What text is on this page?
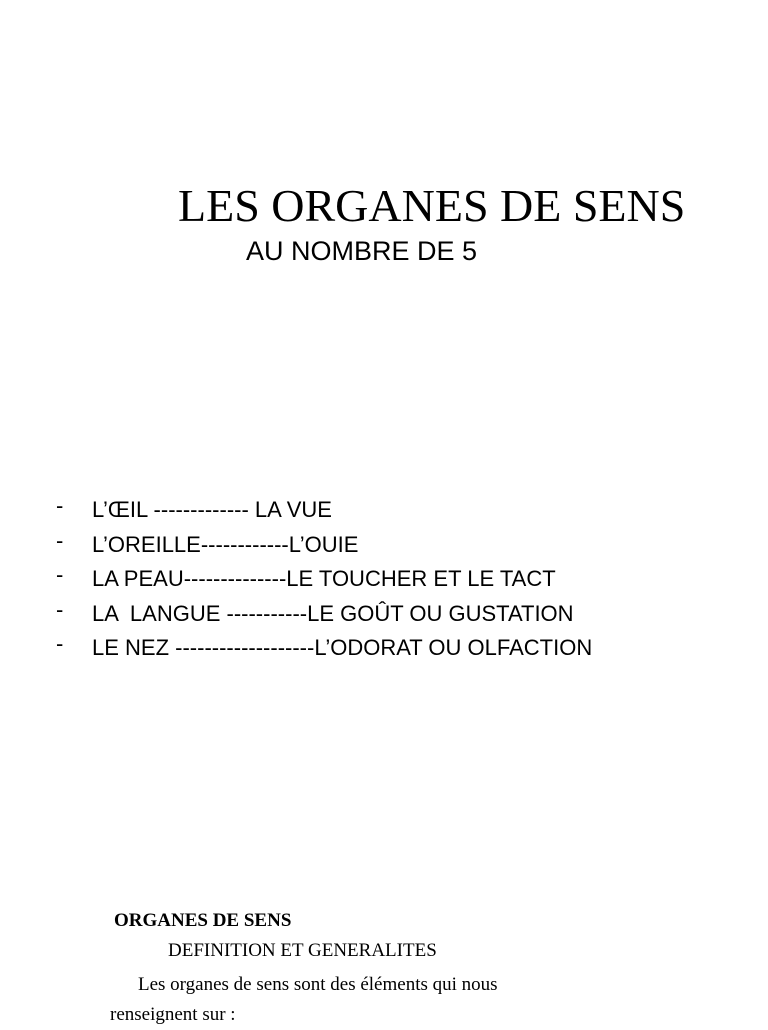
LES ORGANES DE SENS
AU NOMBRE DE 5

-

L’ŒIL ------------- LA VUE

-

L’OREILLE------------L’OUIE

-

LA PEAU--------------LE TOUCHER ET LE TACT

-

LA  LANGUE -----------LE GOÛT OU GUSTATION

-

LE NEZ -------------------L’ODORAT OU OLFACTION

ORGANES DE SENS
DEFINITION ET GENERALITES

Les organes de sens sont des éléments qui nous
renseignent sur :
